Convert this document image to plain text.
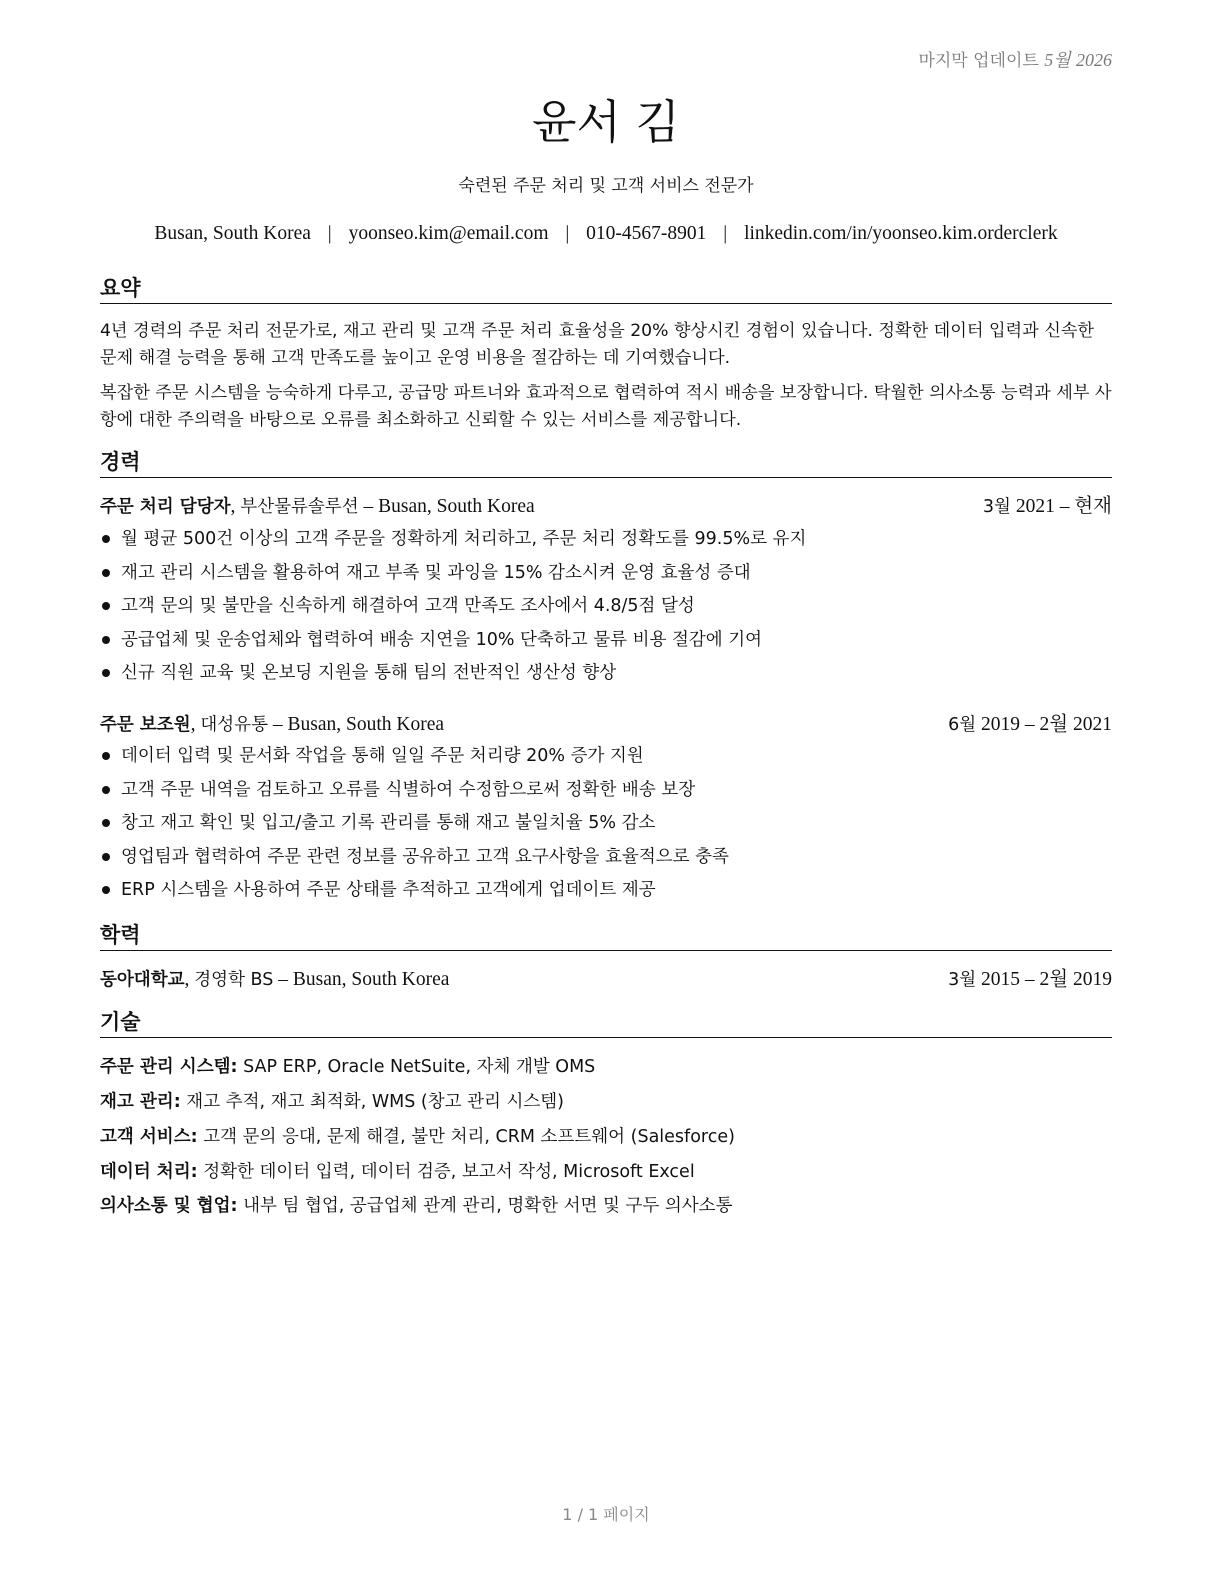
마지막 업데이트 5월 2026
윤서 김
숙련된 주문 처리 및 고객 서비스 전문가
Busan, South Korea | yoonseo.kim@email.com | 010-4567-8901 | linkedin.com/in/yoonseo.kim.orderclerk
요약
4년 경력의 주문 처리 전문가로, 재고 관리 및 고객 주문 처리 효율성을 20% 향상시킨 경험이 있습니다. 정확한 데이터 입력과 신속한 문제 해결 능력을 통해 고객 만족도를 높이고 운영 비용을 절감하는 데 기여했습니다.
복잡한 주문 시스템을 능숙하게 다루고, 공급망 파트너와 효과적으로 협력하여 적시 배송을 보장합니다. 탁월한 의사소통 능력과 세부 사항에 대한 주의력을 바탕으로 오류를 최소화하고 신뢰할 수 있는 서비스를 제공합니다.
경력
주문 처리 담당자, 부산물류솔루션 – Busan, South Korea	3월 2021 – 현재
월 평균 500건 이상의 고객 주문을 정확하게 처리하고, 주문 처리 정확도를 99.5%로 유지
재고 관리 시스템을 활용하여 재고 부족 및 과잉을 15% 감소시켜 운영 효율성 증대
고객 문의 및 불만을 신속하게 해결하여 고객 만족도 조사에서 4.8/5점 달성
공급업체 및 운송업체와 협력하여 배송 지연을 10% 단축하고 물류 비용 절감에 기여
신규 직원 교육 및 온보딩 지원을 통해 팀의 전반적인 생산성 향상
주문 보조원, 대성유통 – Busan, South Korea	6월 2019 – 2월 2021
데이터 입력 및 문서화 작업을 통해 일일 주문 처리량 20% 증가 지원
고객 주문 내역을 검토하고 오류를 식별하여 수정함으로써 정확한 배송 보장
창고 재고 확인 및 입고/출고 기록 관리를 통해 재고 불일치율 5% 감소
영업팀과 협력하여 주문 관련 정보를 공유하고 고객 요구사항을 효율적으로 충족
ERP 시스템을 사용하여 주문 상태를 추적하고 고객에게 업데이트 제공
학력
동아대학교, 경영학 BS – Busan, South Korea	3월 2015 – 2월 2019
기술
주문 관리 시스템: SAP ERP, Oracle NetSuite, 자체 개발 OMS
재고 관리: 재고 추적, 재고 최적화, WMS (창고 관리 시스템)
고객 서비스: 고객 문의 응대, 문제 해결, 불만 처리, CRM 소프트웨어 (Salesforce)
데이터 처리: 정확한 데이터 입력, 데이터 검증, 보고서 작성, Microsoft Excel
의사소통 및 협업: 내부 팀 협업, 공급업체 관계 관리, 명확한 서면 및 구두 의사소통
1 / 1 페이지
